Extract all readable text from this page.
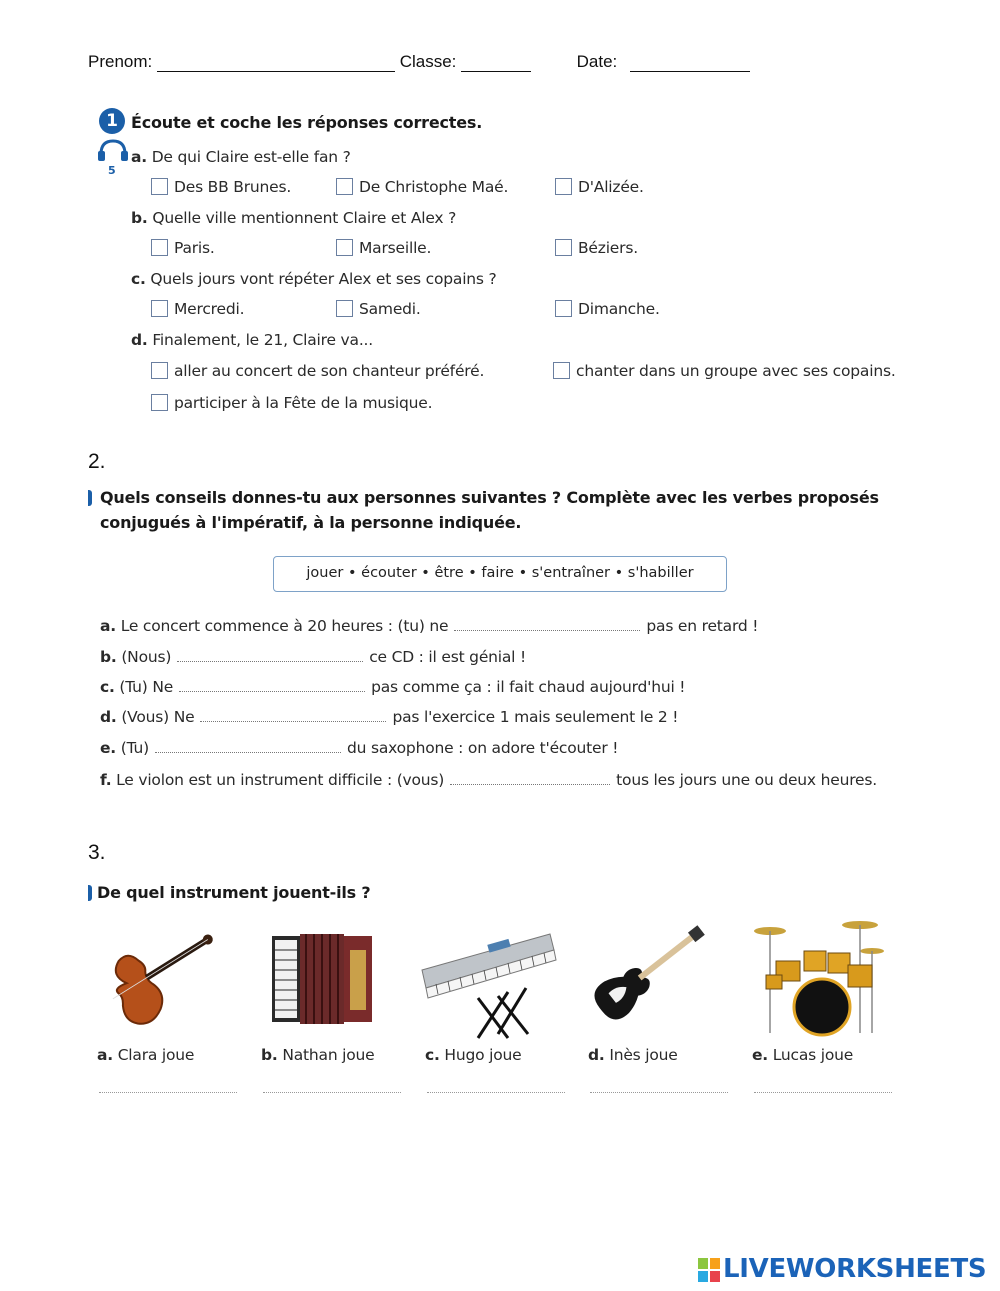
Prenom:	Classe:	Date:
1 Écoute et coche les réponses correctes.
5
a. De qui Claire est-elle fan ?
Des BB Brunes.	De Christophe Maé.	D'Alizée.
b. Quelle ville mentionnent Claire et Alex ?
Paris.	Marseille.	Béziers.
c. Quels jours vont répéter Alex et ses copains ?
Mercredi.	Samedi.	Dimanche.
d. Finalement, le 21, Claire va...
aller au concert de son chanteur préféré.	chanter dans un groupe avec ses copains.
participer à la Fête de la musique.
2.
Quels conseils donnes-tu aux personnes suivantes ? Complète avec les verbes proposés
conjugués à l'impératif, à la personne indiquée.
jouer • écouter • être • faire • s'entraîner • s'habiller
a. Le concert commence à 20 heures : (tu) ne	pas en retard !
b. (Nous)	ce CD : il est génial !
c. (Tu) Ne	pas comme ça : il fait chaud aujourd'hui !
d. (Vous) Ne	pas l'exercice 1 mais seulement le 2 !
e. (Tu)	du saxophone : on adore t'écouter !
f. Le violon est un instrument difficile : (vous)	tous les jours une ou deux heures.
3.
De quel instrument jouent-ils ?
a. Clara joue	b. Nathan joue	c. Hugo joue	d. Inès joue	e. Lucas joue
LIVEWORKSHEETS
